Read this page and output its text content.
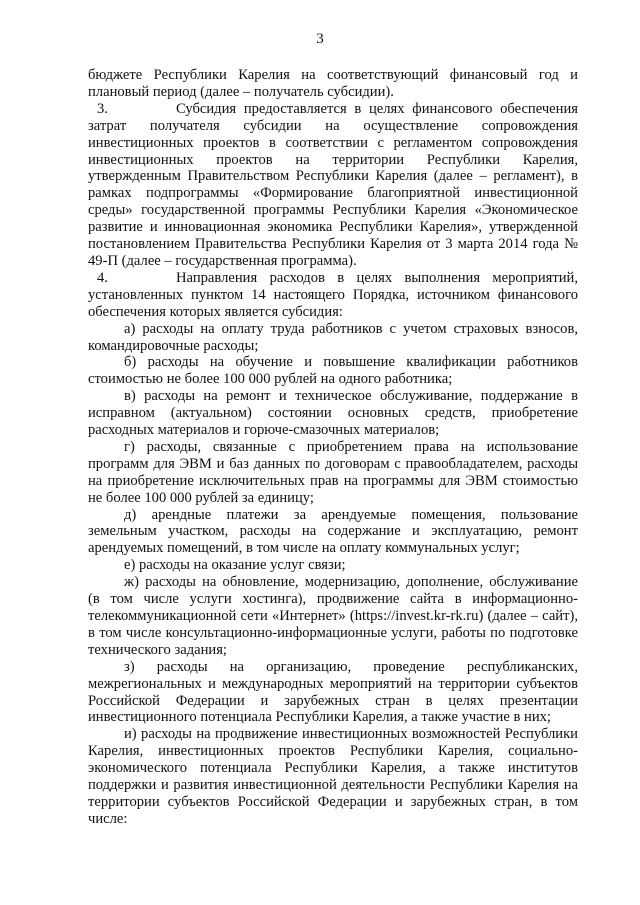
3

бюджете Республики Карелия на соответствующий финансовый год и плановый период (далее – получатель субсидии).

3.	Субсидия предоставляется в целях финансового обеспечения затрат получателя субсидии на осуществление сопровождения инвестиционных проектов в соответствии с регламентом сопровождения инвестиционных проектов на территории Республики Карелия, утвержденным Правительством Республики Карелия (далее – регламент), в рамках подпрограммы «Формирование благоприятной инвестиционной среды» государственной программы Республики Карелия «Экономическое развитие и инновационная экономика Республики Карелия», утвержденной постановлением Правительства Республики Карелия от 3 марта 2014 года № 49-П (далее – государственная программа).

4.	Направления расходов в целях выполнения мероприятий, установленных пунктом 14 настоящего Порядка, источником финансового обеспечения которых является субсидия:

а) расходы на оплату труда работников с учетом страховых взносов, командировочные расходы;

б) расходы на обучение и повышение квалификации работников стоимостью не более 100 000 рублей на одного работника;

в) расходы на ремонт и техническое обслуживание, поддержание в исправном (актуальном) состоянии основных средств, приобретение расходных материалов и горюче-смазочных материалов;

г) расходы, связанные с приобретением права на использование программ для ЭВМ и баз данных по договорам с правообладателем, расходы на приобретение исключительных прав на программы для ЭВМ стоимостью не более 100 000 рублей за единицу;

д) арендные платежи за арендуемые помещения, пользование земельным участком, расходы на содержание и эксплуатацию, ремонт арендуемых помещений, в том числе на оплату коммунальных услуг;

е) расходы на оказание услуг связи;

ж) расходы на обновление, модернизацию, дополнение, обслуживание (в том числе услуги хостинга), продвижение сайта в информационно-телекоммуникационной сети «Интернет» (https://invest.kr-rk.ru) (далее – сайт), в том числе консультационно-информационные услуги, работы по подготовке технического задания;

з) расходы на организацию, проведение республиканских, межрегиональных и международных мероприятий на территории субъектов Российской Федерации и зарубежных стран в целях презентации инвестиционного потенциала Республики Карелия, а также участие в них;

и) расходы на продвижение инвестиционных возможностей Республики Карелия, инвестиционных проектов Республики Карелия, социально-экономического потенциала Республики Карелия, а также институтов поддержки и развития инвестиционной деятельности Республики Карелия на территории субъектов Российской Федерации и зарубежных стран, в том числе:
